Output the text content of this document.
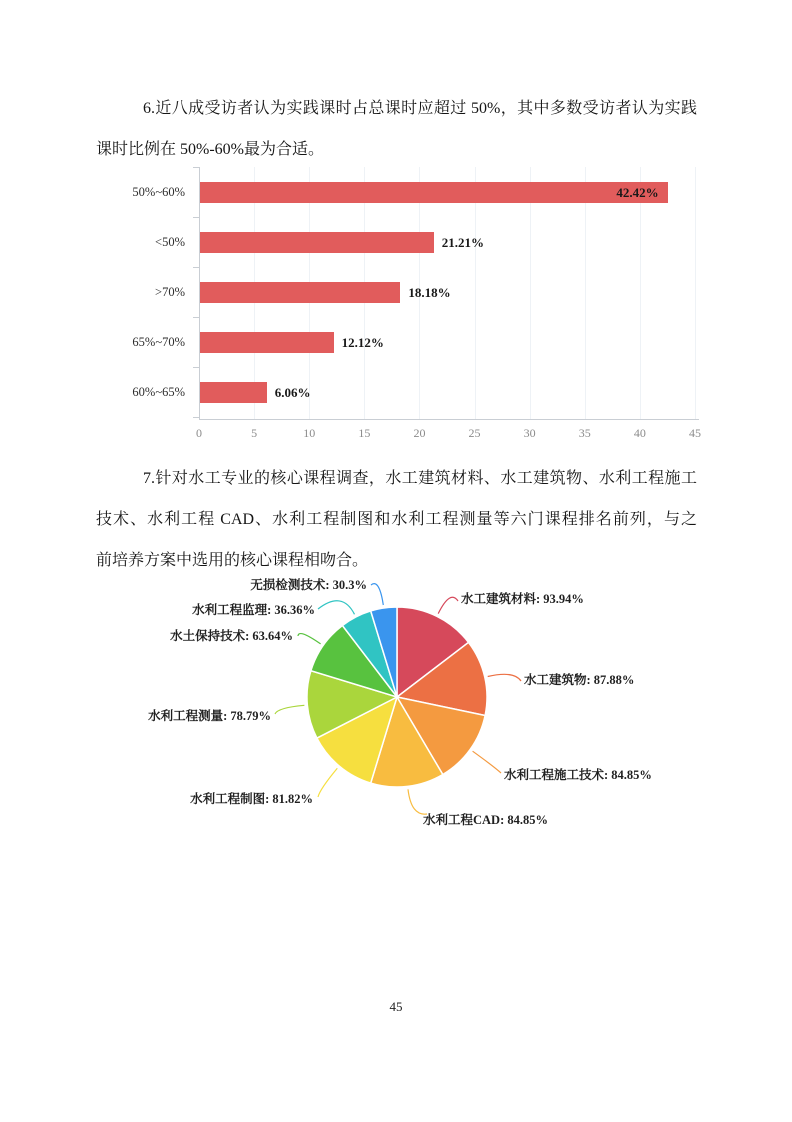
6.近八成受访者认为实践课时占总课时应超过 50%，其中多数受访者认为实践
课时比例在 50%-60%最为合适。
0	5	10	15	20	25	30	35	40	45
50%~60%	42.42%
<50%	21.21%
>70%	18.18%
65%~70%	12.12%
60%~65%	6.06%
7.针对水工专业的核心课程调查，水工建筑材料、水工建筑物、水利工程施工
技术、水利工程 CAD、水利工程制图和水利工程测量等六门课程排名前列，与之
前培养方案中选用的核心课程相吻合。
45
水工建筑材料: 93.94%
水工建筑物: 87.88%
水利工程施工技术: 84.85%
水利工程CAD: 84.85%
水利工程制图: 81.82%
水利工程测量: 78.79%
水土保持技术: 63.64%
水利工程监理: 36.36%
无损检测技术: 30.3%
